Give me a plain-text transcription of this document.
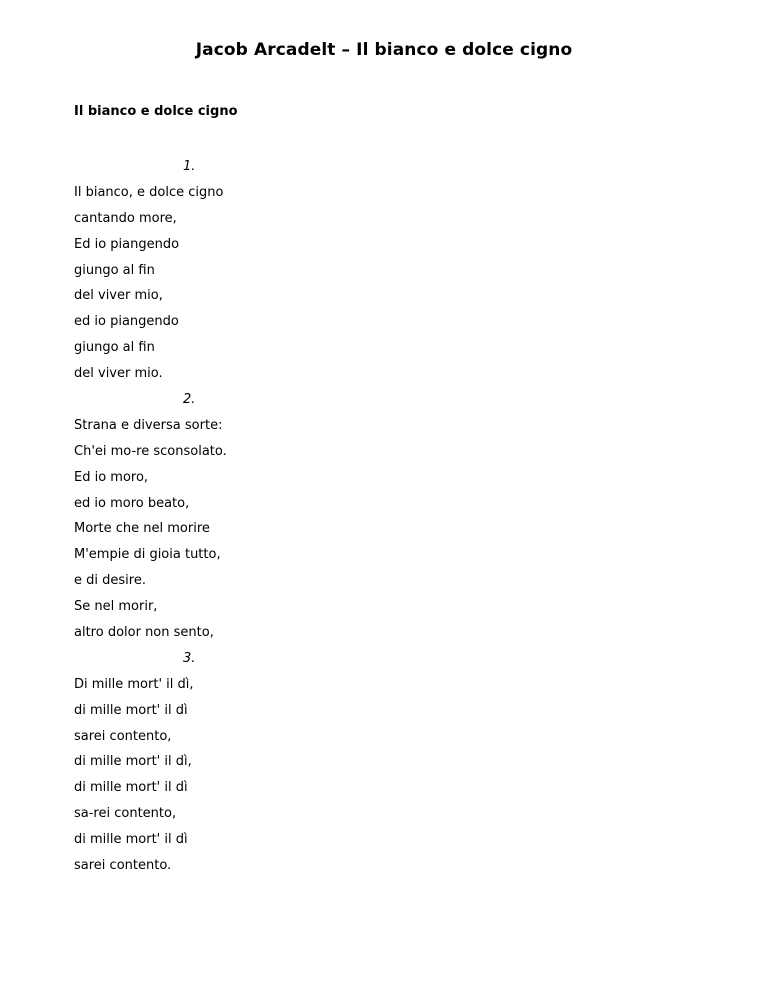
Jacob Arcadelt – Il bianco e dolce cigno
Il bianco e dolce cigno
1.
Il bianco, e dolce cigno
cantando more,
Ed io piangendo
giungo al fin
del viver mio,
ed io piangendo
giungo al fin
del viver mio.
2.
Strana e diversa sorte:
Ch'ei mo-re sconsolato.
Ed io moro,
ed io moro beato,
Morte che nel morire
M'empie di gioia tutto,
e di desire.
Se nel morir,
altro dolor non sento,
3.
Di mille mort' il dì,
di mille mort' il dì
sarei contento,
di mille mort' il dì,
di mille mort' il dì
sa-rei contento,
di mille mort' il dì
sarei contento.
